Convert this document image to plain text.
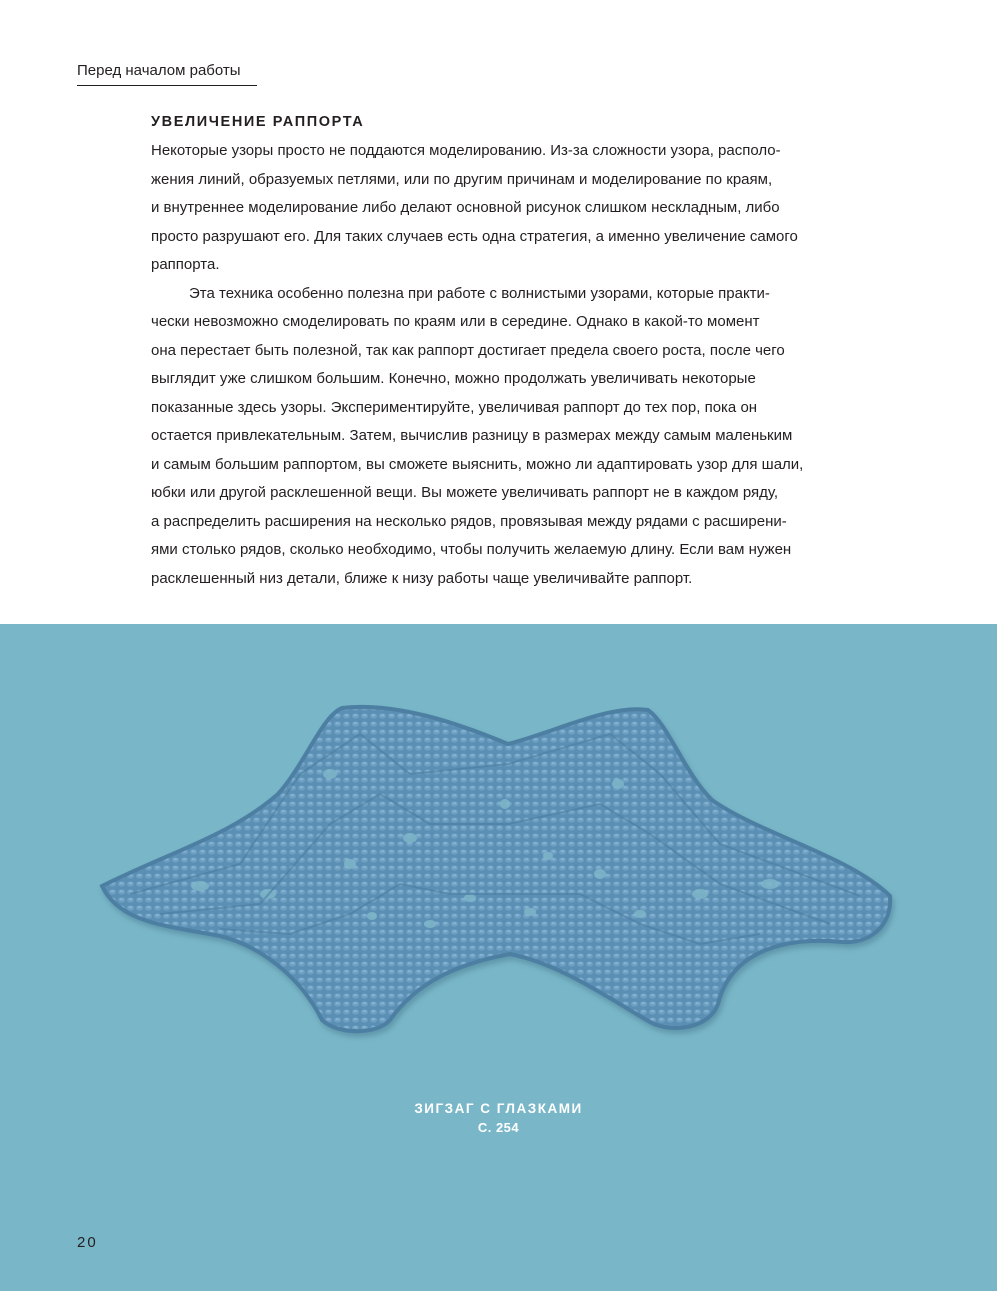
Перед началом работы
УВЕЛИЧЕНИЕ РАППОРТА

Некоторые узоры просто не поддаются моделированию. Из-за сложности узора, располо-
жения линий, образуемых петлями, или по другим причинам и моделирование по краям,
и внутреннее моделирование либо делают основной рисунок слишком нескладным, либо
просто разрушают его. Для таких случаев есть одна стратегия, а именно увеличение самого
раппорта.

Эта техника особенно полезна при работе с волнистыми узорами, которые практи-
чески невозможно смоделировать по краям или в середине. Однако в какой-то момент
она перестает быть полезной, так как раппорт достигает предела своего роста, после чего
выглядит уже слишком большим. Конечно, можно продолжать увеличивать некоторые
показанные здесь узоры. Экспериментируйте, увеличивая раппорт до тех пор, пока он
остается привлекательным. Затем, вычислив разницу в размерах между самым маленьким
и самым большим раппортом, вы сможете выяснить, можно ли адаптировать узор для шали,
юбки или другой расклешенной вещи. Вы можете увеличивать раппорт не в каждом ряду,
а распределить расширения на несколько рядов, провязывая между рядами с расширени-
ями столько рядов, сколько необходимо, чтобы получить желаемую длину. Если вам нужен
расклешенный низ детали, ближе к низу работы чаще увеличивайте раппорт.

ЗИГЗАГ С ГЛАЗКАМИ
С. 254
20
